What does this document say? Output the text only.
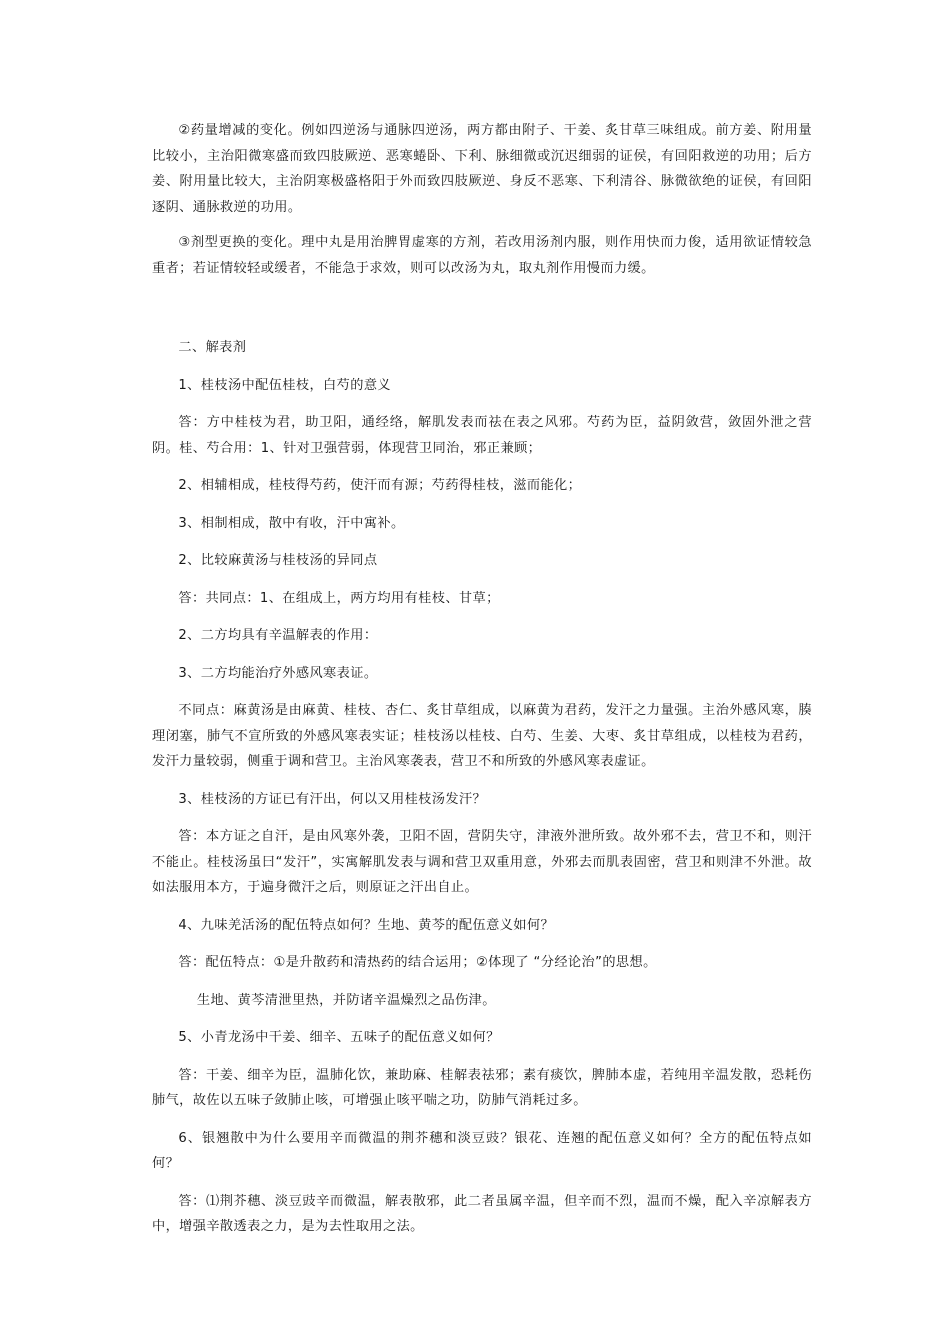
②药量增减的变化。例如四逆汤与通脉四逆汤，两方都由附子、干姜、炙甘草三味组成。前方姜、附用量比较小，主治阳微寒盛而致四肢厥逆、恶寒蜷卧、下利、脉细微或沉迟细弱的证侯，有回阳救逆的功用；后方姜、附用量比较大，主治阴寒极盛格阳于外而致四肢厥逆、身反不恶寒、下利清谷、脉微欲绝的证侯，有回阳逐阴、通脉救逆的功用。

③剂型更换的变化。理中丸是用治脾胃虚寒的方剂，若改用汤剂内服，则作用快而力俊，适用欲证情较急重者；若证情较轻或缓者，不能急于求效，则可以改汤为丸，取丸剂作用慢而力缓。

二、解表剂

1、桂枝汤中配伍桂枝，白芍的意义

答：方中桂枝为君，助卫阳，通经络，解肌发表而祛在表之风邪。芍药为臣，益阴敛营，敛固外泄之营阴。桂、芍合用：1、针对卫强营弱，体现营卫同治，邪正兼顾；

2、相辅相成，桂枝得芍药，使汗而有源；芍药得桂枝，滋而能化；

3、相制相成，散中有收，汗中寓补。

2、比较麻黄汤与桂枝汤的异同点

答：共同点：1、在组成上，两方均用有桂枝、甘草；

2、二方均具有辛温解表的作用：

3、二方均能治疗外感风寒表证。

不同点：麻黄汤是由麻黄、桂枝、杏仁、炙甘草组成，以麻黄为君药，发汗之力量强。主治外感风寒，腠理闭塞，肺气不宣所致的外感风寒表实证；桂枝汤以桂枝、白芍、生姜、大枣、炙甘草组成，以桂枝为君药，发汗力量较弱，侧重于调和营卫。主治风寒袭表，营卫不和所致的外感风寒表虚证。

3、桂枝汤的方证已有汗出，何以又用桂枝汤发汗？

答：本方证之自汗，是由风寒外袭，卫阳不固，营阴失守，津液外泄所致。故外邪不去，营卫不和，则汗不能止。桂枝汤虽曰“发汗”，实寓解肌发表与调和营卫双重用意，外邪去而肌表固密，营卫和则津不外泄。故如法服用本方，于遍身微汗之后，则原证之汗出自止。

4、九味羌活汤的配伍特点如何？生地、黄芩的配伍意义如何？

答：配伍特点：①是升散药和清热药的结合运用；②体现了 “分经论治”的思想。

生地、黄芩清泄里热，并防诸辛温燥烈之品伤津。

5、小青龙汤中干姜、细辛、五味子的配伍意义如何？

答：干姜、细辛为臣，温肺化饮，兼助麻、桂解表祛邪；素有痰饮，脾肺本虚，若纯用辛温发散，恐耗伤肺气，故佐以五味子敛肺止咳，可增强止咳平喘之功，防肺气消耗过多。

6、银翘散中为什么要用辛而微温的荆芥穗和淡豆豉？银花、连翘的配伍意义如何？全方的配伍特点如何？

答：⑴荆芥穗、淡豆豉辛而微温，解表散邪，此二者虽属辛温，但辛而不烈，温而不燥，配入辛凉解表方中，增强辛散透表之力，是为去性取用之法。
